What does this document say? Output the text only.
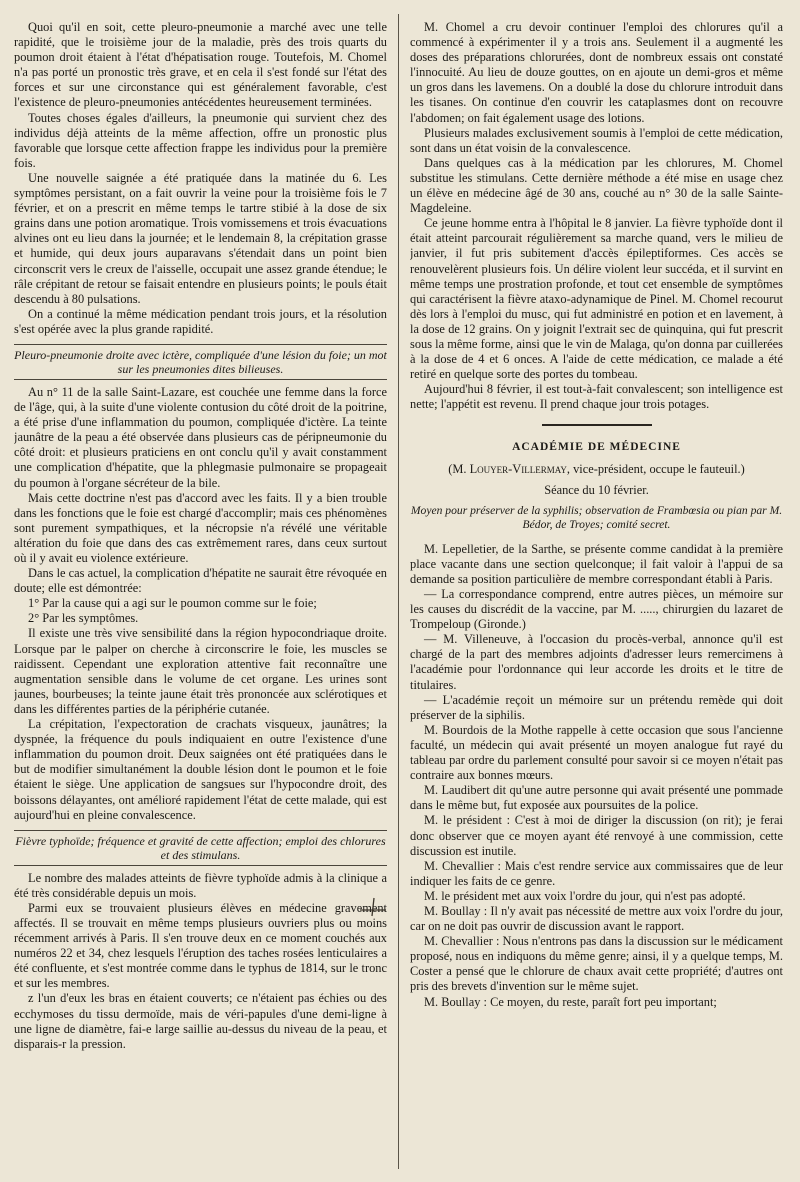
Quoi qu'il en soit, cette pleuro-pneumonie a marché avec une telle rapidité, que le troisième jour de la maladie, près des trois quarts du poumon droit étaient à l'état d'hépatisation rouge. Toutefois, M. Chomel n'a pas porté un pronostic très grave, et en cela il s'est fondé sur l'état des forces et sur une circonstance qui est généralement favorable, c'est l'existence de pleuro-pneumonies antécédentes heureusement terminées.

Toutes choses égales d'ailleurs, la pneumonie qui survient chez des individus déjà atteints de la même affection, offre un pronostic plus favorable que lorsque cette affection frappe les individus pour la première fois.

Une nouvelle saignée a été pratiquée dans la matinée du 6. Les symptômes persistant, on a fait ouvrir la veine pour la troisième fois le 7 février, et on a prescrit en même temps le tartre stibié à la dose de six grains dans une potion aromatique. Trois vomissemens et trois évacuations alvines ont eu lieu dans la journée; et le lendemain 8, la crépitation grasse et humide, qui deux jours auparavans s'étendait dans un point bien circonscrit vers le creux de l'aisselle, occupait une assez grande étendue; le râle crépitant de retour se faisait entendre en plusieurs points; le pouls était descendu à 80 pulsations.

On a continué la même médication pendant trois jours, et la résolution s'est opérée avec la plus grande rapidité.

Pleuro-pneumonie droite avec ictère, compliquée d'une lésion du foie; un mot sur les pneumonies dites bilieuses.

Au n° 11 de la salle Saint-Lazare, est couchée une femme dans la force de l'âge, qui, à la suite d'une violente contusion du côté droit de la poitrine, a été prise d'une inflammation du poumon, compliquée d'ictère. La teinte jaunâtre de la peau a été observée dans plusieurs cas de péripneumonie du côté droit: et plusieurs praticiens en ont conclu qu'il y avait constamment une complication d'hépatite, que la phlegmasie pulmonaire se propageait du poumon à l'organe sécréteur de la bile.

Mais cette doctrine n'est pas d'accord avec les faits. Il y a bien trouble dans les fonctions que le foie est chargé d'accomplir; mais ces phénomènes sont purement sympathiques, et la nécropsie n'a révélé une véritable altération du foie que dans des cas extrêmement rares, dans ceux surtout où il y avait eu violence extérieure.

Dans le cas actuel, la complication d'hépatite ne saurait être révoquée en doute; elle est démontrée:

1° Par la cause qui a agi sur le poumon comme sur le foie;

2° Par les symptômes.

Il existe une très vive sensibilité dans la région hypocondriaque droite. Lorsque par le palper on cherche à circonscrire le foie, les muscles se raidissent. Cependant une exploration attentive fait reconnaître une augmentation sensible dans le volume de cet organe. Les urines sont jaunes, bourbeuses; la teinte jaune était très prononcée aux sclérotiques et dans les différentes parties de la périphérie cutanée.

La crépitation, l'expectoration de crachats visqueux, jaunâtres; la dyspnée, la fréquence du pouls indiquaient en outre l'existence d'une inflammation du poumon droit. Deux saignées ont été pratiquées dans le but de modifier simultanément la double lésion dont le poumon et le foie étaient le siège. Une application de sangsues sur l'hypocondre droit, des boissons délayantes, ont amélioré rapidement l'état de cette malade, qui est aujourd'hui en pleine convalescence.

Fièvre typhoïde; fréquence et gravité de cette affection; emploi des chlorures et des stimulans.

Le nombre des malades atteints de fièvre typhoïde admis à la clinique a été très considérable depuis un mois.

Parmi eux se trouvaient plusieurs élèves en médecine gravement affectés. Il se trouvait en même temps plusieurs ouvriers plus ou moins récemment arrivés à Paris. Il s'en trouve deux en ce moment couchés aux numéros 22 et 34, chez lesquels l'éruption des taches rosées lenticulaires a été confluente, et s'est montrée comme dans le typhus de 1814, sur le tronc et sur les membres.

z l'un d'eux les bras en étaient couverts; ce n'étaient pas échies ou des ecchymoses du tissu dermoïde, mais de véri-papules d'une demi-ligne à une ligne de diamètre, fai-e large saillie au-dessus du niveau de la peau, et disparais-r la pression.

M. Chomel a cru devoir continuer l'emploi des chlorures qu'il a commencé à expérimenter il y a trois ans. Seulement il a augmenté les doses des préparations chlorurées, dont de nombreux essais ont constaté l'innocuité. Au lieu de douze gouttes, on en ajoute un demi-gros et même un gros dans les lavemens. On a doublé la dose du chlorure introduit dans les tisanes. On continue d'en couvrir les cataplasmes dont on recouvre l'abdomen; on fait également usage des lotions.

Plusieurs malades exclusivement soumis à l'emploi de cette médication, sont dans un état voisin de la convalescence.

Dans quelques cas à la médication par les chlorures, M. Chomel substitue les stimulans. Cette dernière méthode a été mise en usage chez un élève en médecine âgé de 30 ans, couché au n° 30 de la salle Sainte-Magdeleine.

Ce jeune homme entra à l'hôpital le 8 janvier. La fièvre typhoïde dont il était atteint parcourait régulièrement sa marche quand, vers le milieu de janvier, il fut pris subitement d'accès épileptiformes. Ces accès se renouvelèrent plusieurs fois. Un délire violent leur succéda, et il survint en même temps une prostration profonde, et tout cet ensemble de symptômes qui caractérisent la fièvre ataxo-adynamique de Pinel. M. Chomel recourut dès lors à l'emploi du musc, qui fut administré en potion et en lavement, à la dose de 12 grains. On y joignit l'extrait sec de quinquina, qui fut prescrit sous la même forme, ainsi que le vin de Malaga, qu'on donna par cuillerées à la dose de 4 et 6 onces. A l'aide de cette médication, ce malade a été retiré en quelque sorte des portes du tombeau.

Aujourd'hui 8 février, il est tout-à-fait convalescent; son intelligence est nette; l'appétit est revenu. Il prend chaque jour trois potages.

ACADÉMIE DE MÉDECINE
(M. Louyer-Villermay, vice-président, occupe le fauteuil.)
Séance du 10 février.
Moyen pour préserver de la syphilis; observation de Frambœsia ou pian par M. Bédor, de Troyes; comité secret.

M. Lepelletier, de la Sarthe, se présente comme candidat à la première place vacante dans une section quelconque; il fait valoir à l'appui de sa demande sa position particulière de membre correspondant établi à Paris.

— La correspondance comprend, entre autres pièces, un mémoire sur les causes du discrédit de la vaccine, par M. ....., chirurgien du lazaret de Trompeloup (Gironde.)

— M. Villeneuve, à l'occasion du procès-verbal, annonce qu'il est chargé de la part des membres adjoints d'adresser leurs remercimens à l'académie pour l'ordonnance qui leur accorde les droits et le titre de titulaires.

— L'académie reçoit un mémoire sur un prétendu remède qui doit préserver de la siphilis.

M. Bourdois de la Mothe rappelle à cette occasion que sous l'ancienne faculté, un médecin qui avait présenté un moyen analogue fut rayé du tableau par ordre du parlement consulté pour savoir si ce moyen n'était pas contraire aux bonnes mœurs.

M. Laudibert dit qu'une autre personne qui avait présenté une pommade dans le même but, fut exposée aux poursuites de la police.

M. le président : C'est à moi de diriger la discussion (on rit); je ferai donc observer que ce moyen ayant été renvoyé à une commission, cette discussion est inutile.

M. Chevallier : Mais c'est rendre service aux commissaires que de leur indiquer les faits de ce genre.

M. le président met aux voix l'ordre du jour, qui n'est pas adopté.

M. Boullay : Il n'y avait pas nécessité de mettre aux voix l'ordre du jour, car on ne doit pas ouvrir de discussion avant le rapport.

M. Chevallier : Nous n'entrons pas dans la discussion sur le médicament proposé, nous en indiquons du même genre; ainsi, il y a quelque temps, M. Coster a pensé que le chlorure de chaux avait cette propriété; d'autres ont pris des brevets d'invention sur le même sujet.

M. Boullay : Ce moyen, du reste, paraît fort peu important;
